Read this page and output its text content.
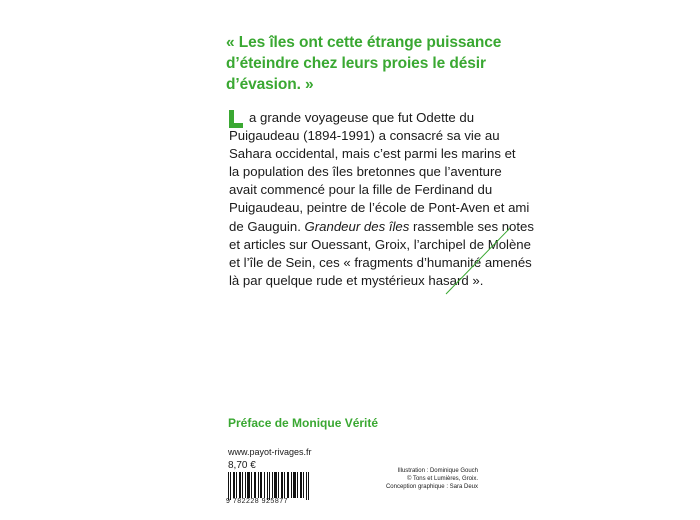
« Les îles ont cette étrange puissance
d’éteindre chez leurs proies le désir
d’évasion. »
a grande voyageuse que fut Odette du
Puigaudeau (1894-1991) a consacré sa vie au
Sahara occidental, mais c’est parmi les marins et
la population des îles bretonnes que l’aventure
avait commencé pour la fille de Ferdinand du
Puigaudeau, peintre de l’école de Pont-Aven et ami
de Gauguin. Grandeur des îles rassemble ses notes
et articles sur Ouessant, Groix, l’archipel de Molène
et l’île de Sein, ces « fragments d’humanité amenés
là par quelque rude et mystérieux hasard ».
Préface de Monique Vérité
www.payot-rivages.fr
8,70 €
9 782228 925877
Illustration : Dominique Gouch
© Tons et Lumières, Groix.
Conception graphique : Sara Deux
